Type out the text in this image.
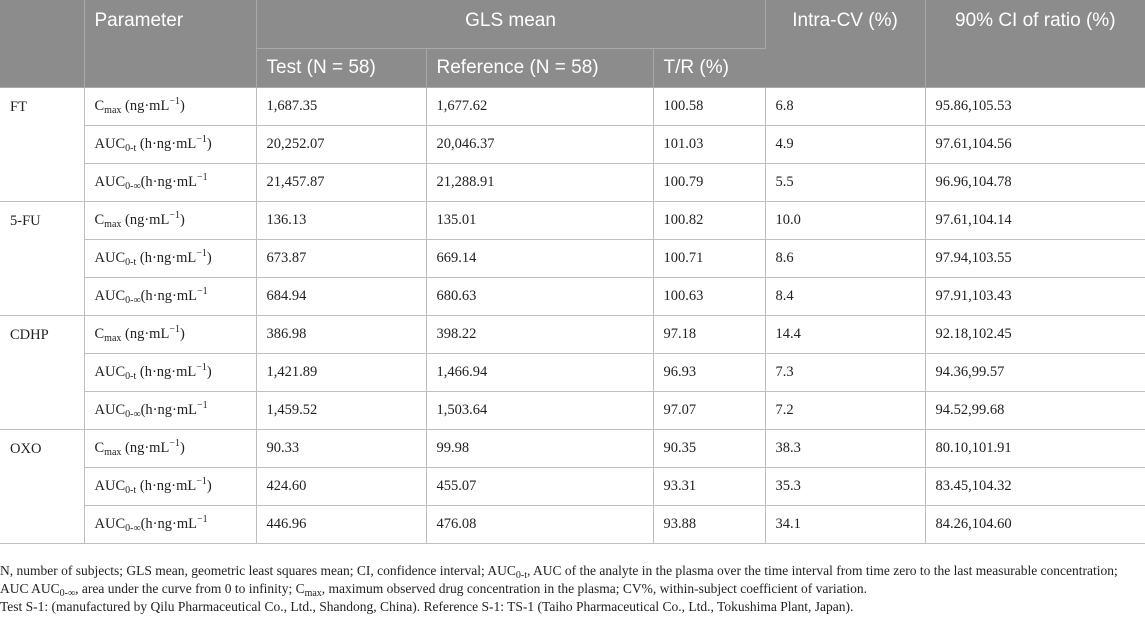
	Parameter	GLS mean			Intra-CV (%)	90% CI of ratio (%)
		Test (N = 58)	Reference (N = 58)	T/R (%)		
FT	$C_{max}$ $(ng\cdot mL^{-1})$	1,687.35	1,677.62	100.58	6.8	95.86,105.53
	$AUC_{0-t}$ $(h\cdot ng\cdot mL^{-1})$	20,252.07	20,046.37	101.03	4.9	97.61,104.56
	$AUC_{0-\infty}(h\cdot ng\cdot mL^{-1}$	21,457.87	21,288.91	100.79	5.5	96.96,104.78
5-FU	$C_{max}$ $(ng\cdot mL^{-1})$	136.13	135.01	100.82	10.0	97.61,104.14
	$AUC_{0-t}$ $(h\cdot ng\cdot mL^{-1})$	673.87	669.14	100.71	8.6	97.94,103.55
	$AUC_{0-\infty}(h\cdot ng\cdot mL^{-1}$	684.94	680.63	100.63	8.4	97.91,103.43
CDHP	$C_{max}$ $(ng\cdot mL^{-1})$	386.98	398.22	97.18	14.4	92.18,102.45
	$AUC_{0-t}$ $(h\cdot ng\cdot mL^{-1})$	1,421.89	1,466.94	96.93	7.3	94.36,99.57
	$AUC_{0-\infty}(h\cdot ng\cdot mL^{-1}$	1,459.52	1,503.64	97.07	7.2	94.52,99.68
OXO	$C_{max}$ $(ng\cdot mL^{-1})$	90.33	99.98	90.35	38.3	80.10,101.91
	$AUC_{0-t}$ $(h\cdot ng\cdot mL^{-1})$	424.60	455.07	93.31	35.3	83.45,104.32
	$AUC_{0-\infty}(h\cdot ng\cdot mL^{-1}$	446.96	476.08	93.88	34.1	84.26,104.60

N, number of subjects; GLS mean, geometric least squares mean; CI, confidence interval; $AUC_{0-t}$, AUC of the analyte in the plasma over the time interval from time zero to the last measurable concentration; AUC $AUC_{0-\infty}$, area under the curve from 0 to infinity; $C_{max}$, maximum observed drug concentration in the plasma; CV%, within-subject coefficient of variation.

Test S-1: (manufactured by Qilu Pharmaceutical Co., Ltd., Shandong, China). Reference S-1: TS-1 (Taiho Pharmaceutical Co., Ltd., Tokushima Plant, Japan).
